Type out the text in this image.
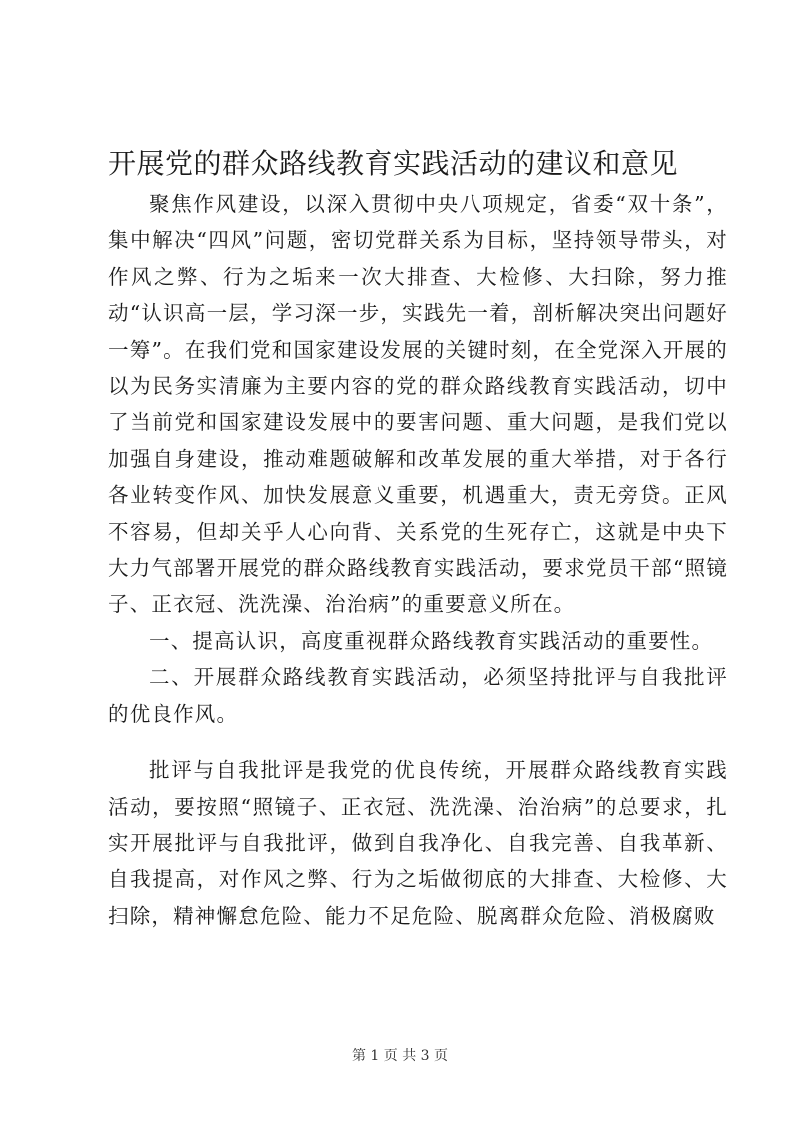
开展党的群众路线教育实践活动的建议和意见

聚焦作风建设，以深入贯彻中央八项规定，省委“双十条”，集中解决“四风”问题，密切党群关系为目标，坚持领导带头，对作风之弊、行为之垢来一次大排查、大检修、大扫除，努力推动“认识高一层，学习深一步，实践先一着，剖析解决突出问题好一筹”。在我们党和国家建设发展的关键时刻，在全党深入开展的以为民务实清廉为主要内容的党的群众路线教育实践活动，切中了当前党和国家建设发展中的要害问题、重大问题，是我们党以加强自身建设，推动难题破解和改革发展的重大举措，对于各行各业转变作风、加快发展意义重要，机遇重大，责无旁贷。正风不容易，但却关乎人心向背、关系党的生死存亡，这就是中央下大力气部署开展党的群众路线教育实践活动，要求党员干部“照镜子、正衣冠、洗洗澡、治治病”的重要意义所在。

一、提高认识，高度重视群众路线教育实践活动的重要性。

二、开展群众路线教育实践活动，必须坚持批评与自我批评的优良作风。

批评与自我批评是我党的优良传统，开展群众路线教育实践活动，要按照“照镜子、正衣冠、洗洗澡、治治病”的总要求，扎实开展批评与自我批评，做到自我净化、自我完善、自我革新、自我提高，对作风之弊、行为之垢做彻底的大排查、大检修、大扫除，精神懈怠危险、能力不足危险、脱离群众危险、消极腐败

第 1 页 共 3 页
